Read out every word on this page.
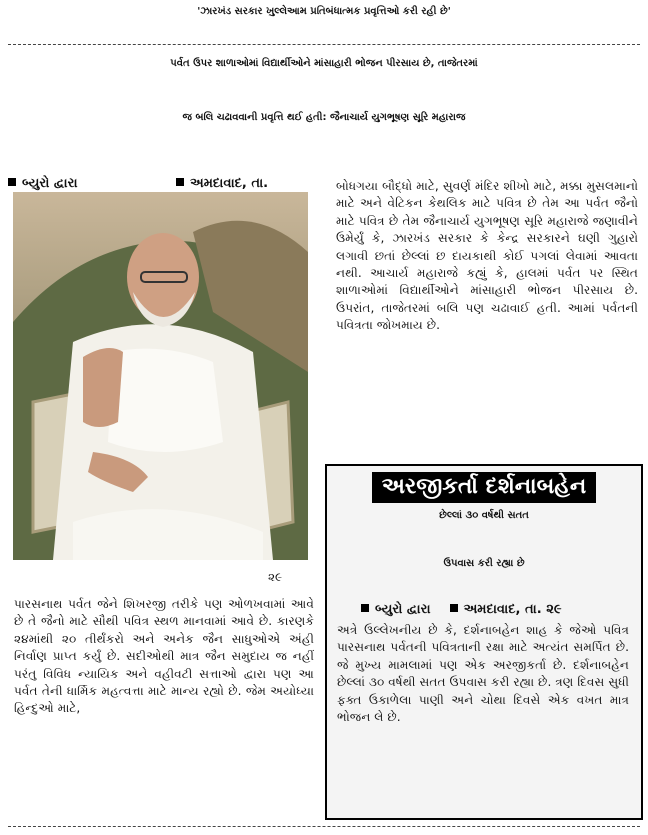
'ઝારખંડ સરકાર ખુલ્લેઆમ પ્રતિબંધાત્મક પ્રવૃત્તિઓ કરી રહી છે'
પર્વત ઉપર શાળાઓમાં વિદ્યાર્થીઓને માંસાહારી ભોજન પીરસાય છે, તાજેતરમાં
જ બલિ ચઢાવવાની પ્રવૃત્તિ થઈ હતી: જૈનાચાર્ય યુગભૂષણ સૂરિ મહારાજ
બ્યુરો દ્વારા	અમદાવાદ, તા.
૨૯
બોધગયા બૌદ્ધો માટે, સુવર્ણ મંદિર શીખો માટે, મક્કા મુસલમાનો માટે અને વેટિકન કેથલિક માટે પવિત્ર છે તેમ આ પર્વત જૈનો માટે પવિત્ર છે તેમ જૈનાચાર્ય યુગભૂષણ સૂરિ મહારાજે જણાવીને ઉમેર્યું કે, ઝારખંડ સરકાર કે કેન્દ્ર સરકારને ઘણી ગુહારો લગાવી છતાં છેલ્લાં છ દાયકાથી કોઈ પગલાં લેવામાં આવતા નથી. આચાર્ય મહારાજે કહ્યું કે, હાલમાં પર્વત પર સ્થિત શાળાઓમાં વિદ્યાર્થીઓને માંસાહારી ભોજન પીરસાય છે. ઉપરાંત, તાજેતરમાં બલિ પણ ચઢાવાઈ હતી. આમાં પર્વતની પવિત્રતા જોખમાય છે.
પારસનાથ પર્વત જેને શિખરજી તરીકે પણ ઓળખવામાં આવે છે તે જૈનો માટે સૌથી પવિત્ર સ્થળ માનવામાં આવે છે. કારણકે ૨૪માંથી ૨૦ તીર્થંકરો અને અનેક જૈન સાધુઓએ અંહી નિર્વાણ પ્રાપ્ત કર્યું છે. સદીઓથી માત્ર જૈન સમુદાય જ નહીં પરંતુ વિવિધ ન્યાયિક અને વહીવટી સત્તાઓ દ્વારા પણ આ પર્વત તેની ધાર્મિક મહત્વત્તા માટે માન્ય રહ્યો છે. જેમ અયોધ્યા હિન્દુઓ માટે,
અરજીકર્તા દર્શનાબહેન
છેલ્લાં ૩૦ વર્ષથી સતત
ઉપવાસ કરી રહ્યા છે
બ્યુરો દ્વારા	અમદાવાદ, તા. ૨૯
અત્રે ઉલ્લેખનીય છે કે, દર્શનાબહેન શાહ કે જેઓ પવિત્ર પારસનાથ પર્વતની પવિત્રતાની રક્ષા માટે અત્યંત સમર્પિત છે. જે મુખ્ય મામલામાં પણ એક અરજીકર્તા છે. દર્શનાબહેન છેલ્લાં ૩૦ વર્ષથી સતત ઉપવાસ કરી રહ્યા છે. ત્રણ દિવસ સુધી ફક્ત ઉકાળેલા પાણી અને ચોથા દિવસે એક વખત માત્ર ભોજન લે છે.
